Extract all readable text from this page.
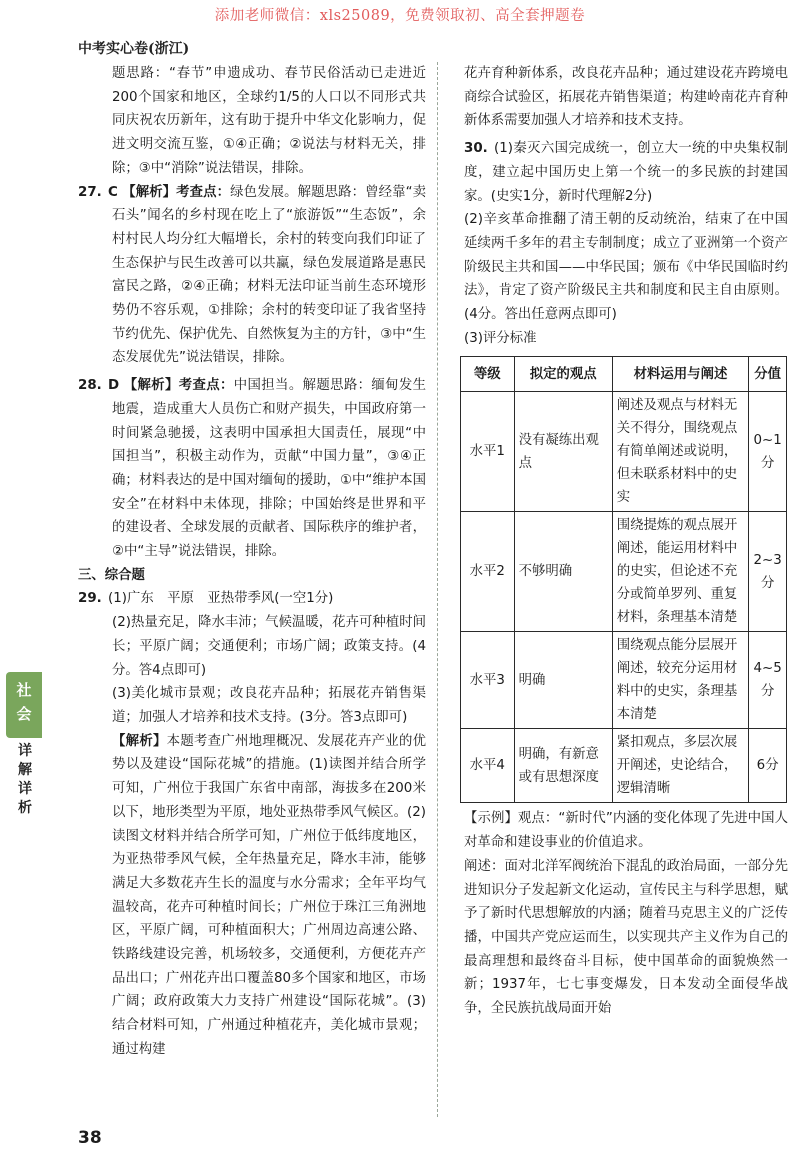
添加老师微信：xls25089，免费领取初、高全套押题卷
中考实心卷(浙江)
社
会
详
解
详
析

题思路：“春节”申遗成功、春节民俗活动已走进近200个国家和地区，全球约1/5的人口以不同形式共同庆祝农历新年，这有助于提升中华文化影响力，促进文明交流互鉴，①④正确；②说法与材料无关，排除；③中“消除”说法错误，排除。

27. C 【解析】考查点：绿色发展。解题思路：曾经靠“卖石头”闻名的乡村现在吃上了“旅游饭”“生态饭”，余村村民人均分红大幅增长，余村的转变向我们印证了生态保护与民生改善可以共赢，绿色发展道路是惠民富民之路，②④正确；材料无法印证当前生态环境形势仍不容乐观，①排除；余村的转变印证了我省坚持节约优先、保护优先、自然恢复为主的方针，③中“生态发展优先”说法错误，排除。
28. D 【解析】考查点：中国担当。解题思路：缅甸发生地震，造成重大人员伤亡和财产损失，中国政府第一时间紧急驰援，这表明中国承担大国责任，展现“中国担当”，积极主动作为，贡献“中国力量”，③④正确；材料表达的是中国对缅甸的援助，①中“维护本国安全”在材料中未体现，排除；中国始终是世界和平的建设者、全球发展的贡献者、国际秩序的维护者，②中“主导”说法错误，排除。

三、综合题

29. (1)广东　平原　亚热带季风(一空1分)

(2)热量充足，降水丰沛；气候温暖，花卉可种植时间长；平原广阔；交通便利；市场广阔；政策支持。(4分。答4点即可)

(3)美化城市景观；改良花卉品种；拓展花卉销售渠道；加强人才培养和技术支持。(3分。答3点即可)

【解析】本题考查广州地理概况、发展花卉产业的优势以及建设“国际花城”的措施。(1)读图并结合所学可知，广州位于我国广东省中南部，海拔多在200米以下，地形类型为平原，地处亚热带季风气候区。(2)读图文材料并结合所学可知，广州位于低纬度地区，为亚热带季风气候，全年热量充足，降水丰沛，能够满足大多数花卉生长的温度与水分需求；全年平均气温较高，花卉可种植时间长；广州位于珠江三角洲地区，平原广阔，可种植面积大；广州周边高速公路、铁路线建设完善，机场较多，交通便利，方便花卉产品出口；广州花卉出口覆盖80多个国家和地区，市场广阔；政府政策大力支持广州建设“国际花城”。(3)结合材料可知，广州通过种植花卉，美化城市景观；通过构建

花卉育种新体系，改良花卉品种；通过建设花卉跨境电商综合试验区，拓展花卉销售渠道；构建岭南花卉育种新体系需要加强人才培养和技术支持。

30. (1)秦灭六国完成统一，创立大一统的中央集权制度，建立起中国历史上第一个统一的多民族的封建国家。(史实1分，新时代理解2分)

(2)辛亥革命推翻了清王朝的反动统治，结束了在中国延续两千多年的君主专制制度；成立了亚洲第一个资产阶级民主共和国——中华民国；颁布《中华民国临时约法》，肯定了资产阶级民主共和制度和民主自由原则。(4分。答出任意两点即可)

(3)评分标准

等级	拟定的观点	材料运用与阐述	分值
水平1	没有凝练出观点	阐述及观点与材料无关不得分，围绕观点有简单阐述或说明，但未联系材料中的史实	0~1分
水平2	不够明确	围绕提炼的观点展开阐述，能运用材料中的史实，但论述不充分或简单罗列、重复材料，条理基本清楚	2~3分
水平3	明确	围绕观点能分层展开阐述，较充分运用材料中的史实，条理基本清楚	4~5分
水平4	明确，有新意或有思想深度	紧扣观点，多层次展开阐述，史论结合，逻辑清晰	6分

【示例】观点：“新时代”内涵的变化体现了先进中国人对革命和建设事业的价值追求。

阐述：面对北洋军阀统治下混乱的政治局面，一部分先进知识分子发起新文化运动，宣传民主与科学思想，赋予了新时代思想解放的内涵；随着马克思主义的广泛传播，中国共产党应运而生，以实现共产主义作为自己的最高理想和最终奋斗目标，使中国革命的面貌焕然一新；1937年，七七事变爆发，日本发动全面侵华战争，全民族抗战局面开始

38
